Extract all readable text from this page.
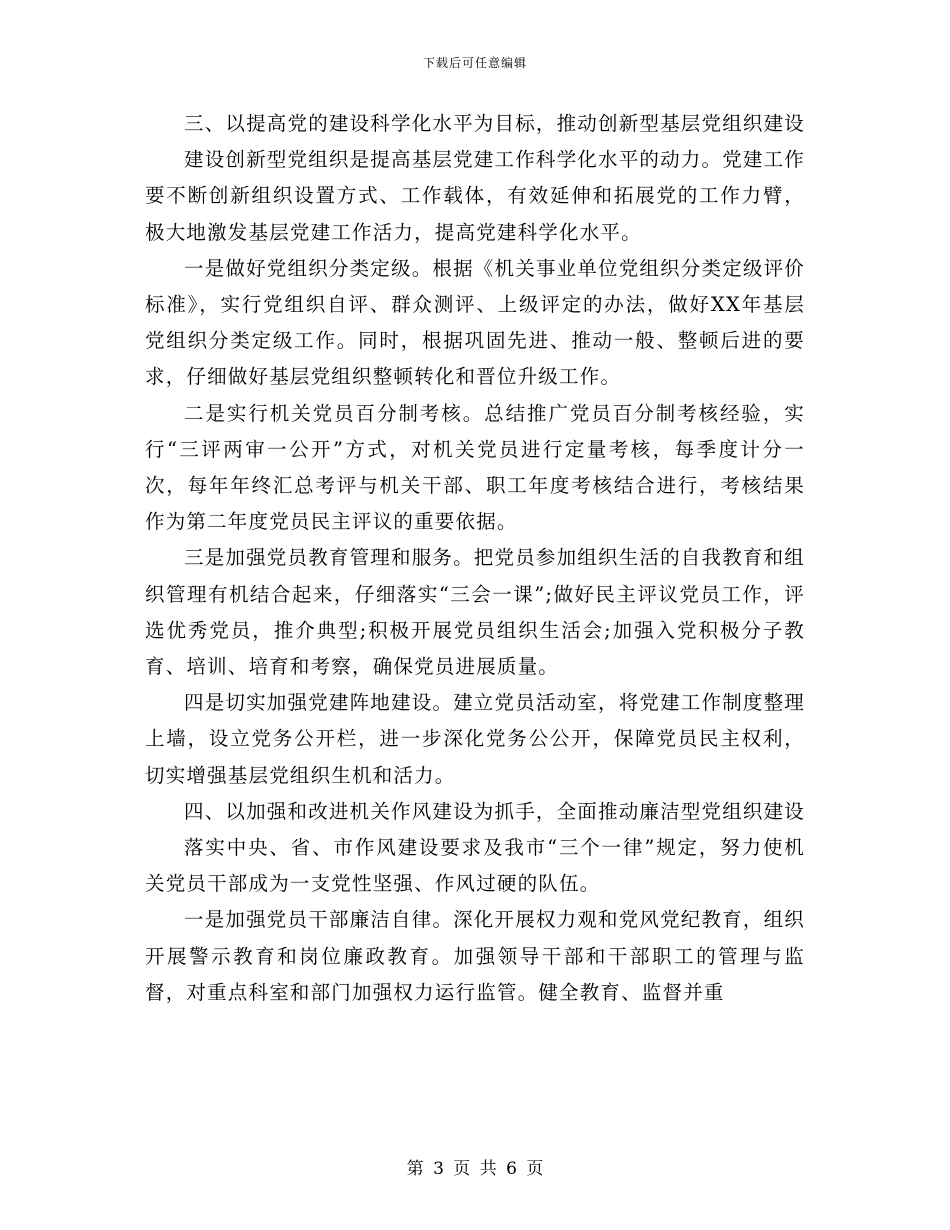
下载后可任意编辑

三、以提高党的建设科学化水平为目标，推动创新型基层党组织建设

建设创新型党组织是提高基层党建工作科学化水平的动力。党建工作要不断创新组织设置方式、工作载体，有效延伸和拓展党的工作力臂，极大地激发基层党建工作活力，提高党建科学化水平。

一是做好党组织分类定级。根据《机关事业单位党组织分类定级评价标准》，实行党组织自评、群众测评、上级评定的办法，做好XX年基层党组织分类定级工作。同时，根据巩固先进、推动一般、整顿后进的要求，仔细做好基层党组织整顿转化和晋位升级工作。

二是实行机关党员百分制考核。总结推广党员百分制考核经验，实行“三评两审一公开”方式，对机关党员进行定量考核，每季度计分一次，每年年终汇总考评与机关干部、职工年度考核结合进行，考核结果作为第二年度党员民主评议的重要依据。

三是加强党员教育管理和服务。把党员参加组织生活的自我教育和组织管理有机结合起来，仔细落实“三会一课”;做好民主评议党员工作，评选优秀党员，推介典型;积极开展党员组织生活会;加强入党积极分子教育、培训、培育和考察，确保党员进展质量。

四是切实加强党建阵地建设。建立党员活动室，将党建工作制度整理上墙，设立党务公开栏，进一步深化党务公公开，保障党员民主权利，切实增强基层党组织生机和活力。

四、以加强和改进机关作风建设为抓手，全面推动廉洁型党组织建设

落实中央、省、市作风建设要求及我市“三个一律”规定，努力使机关党员干部成为一支党性坚强、作风过硬的队伍。

一是加强党员干部廉洁自律。深化开展权力观和党风党纪教育，组织开展警示教育和岗位廉政教育。加强领导干部和干部职工的管理与监督，对重点科室和部门加强权力运行监管。健全教育、监督并重

第 3 页 共 6 页
